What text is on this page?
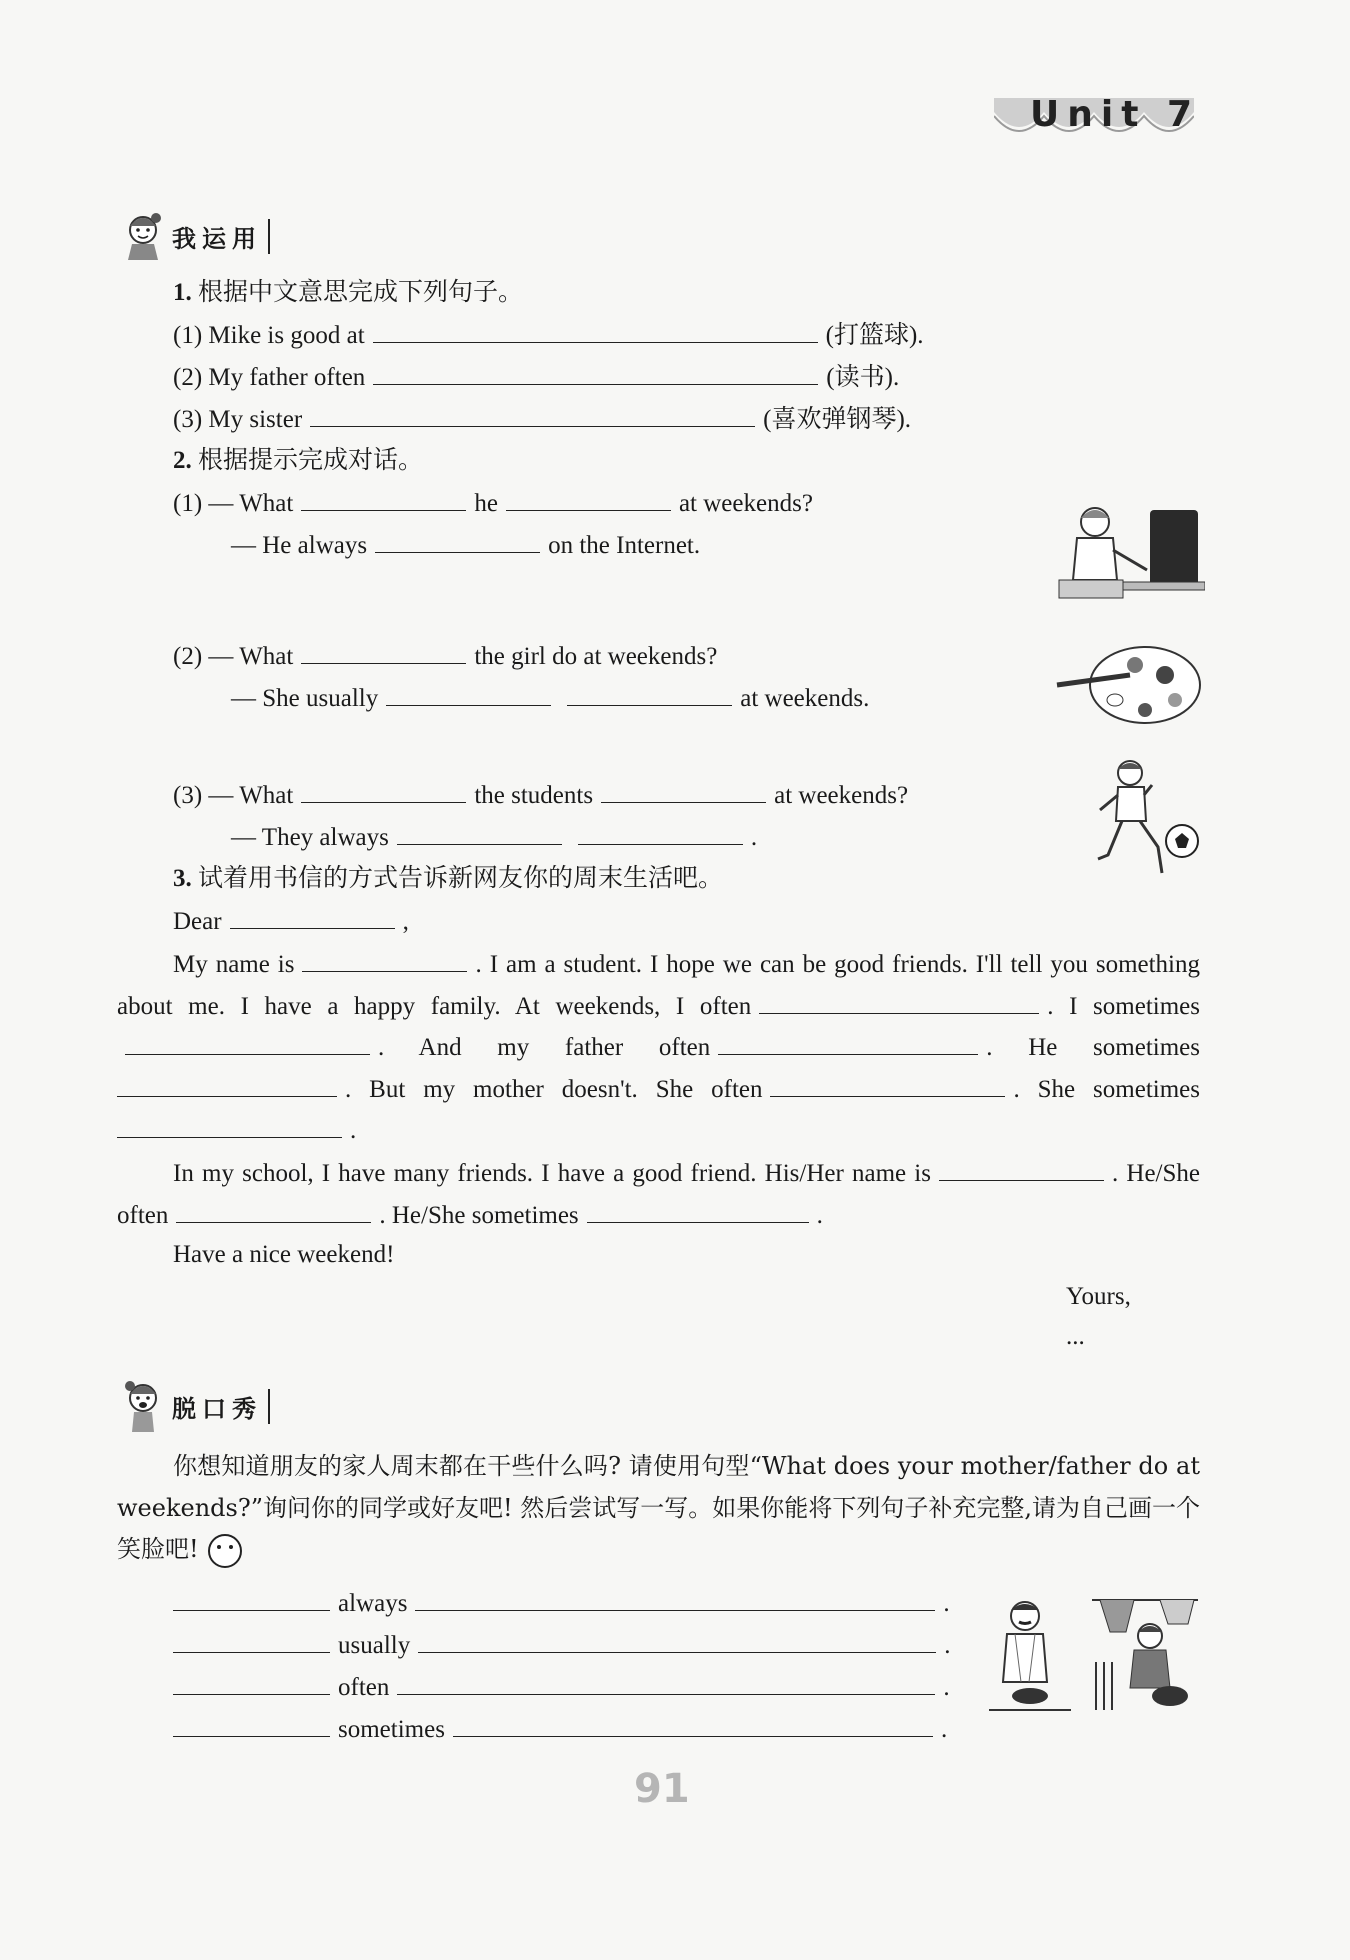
Unit 7
我运用
1. 根据中文意思完成下列句子。
(1) Mike is good at	(打篮球).
(2) My father often	(读书).
(3) My sister	(喜欢弹钢琴).
2. 根据提示完成对话。
(1) — What	he	at weekends?
— He always	on the Internet.
(2) — What	the girl do at weekends?
— She usually	at weekends.
(3) — What	the students	at weekends?
— They always	.
3. 试着用书信的方式告诉新网友你的周末生活吧。
Dear	,
My name is	. I am a student. I hope we can be good friends. I'll tell you something about me. I have a happy family. At weekends, I often	. I sometimes. And my father often	. He sometimes. But my mother doesn't. She often	. She sometimes.
In my school, I have many friends. I have a good friend. His/Her name is	. He/She often	. He/She sometimes	.
Have a nice weekend!
Yours,
...
脱口秀
你想知道朋友的家人周末都在干些什么吗? 请使用句型“What does your mother/father do at weekends?”询问你的同学或好友吧! 然后尝试写一写。如果你能将下列句子补充完整,请为自己画一个笑脸吧!
always	.
usually	.
often	.
sometimes	.
91
